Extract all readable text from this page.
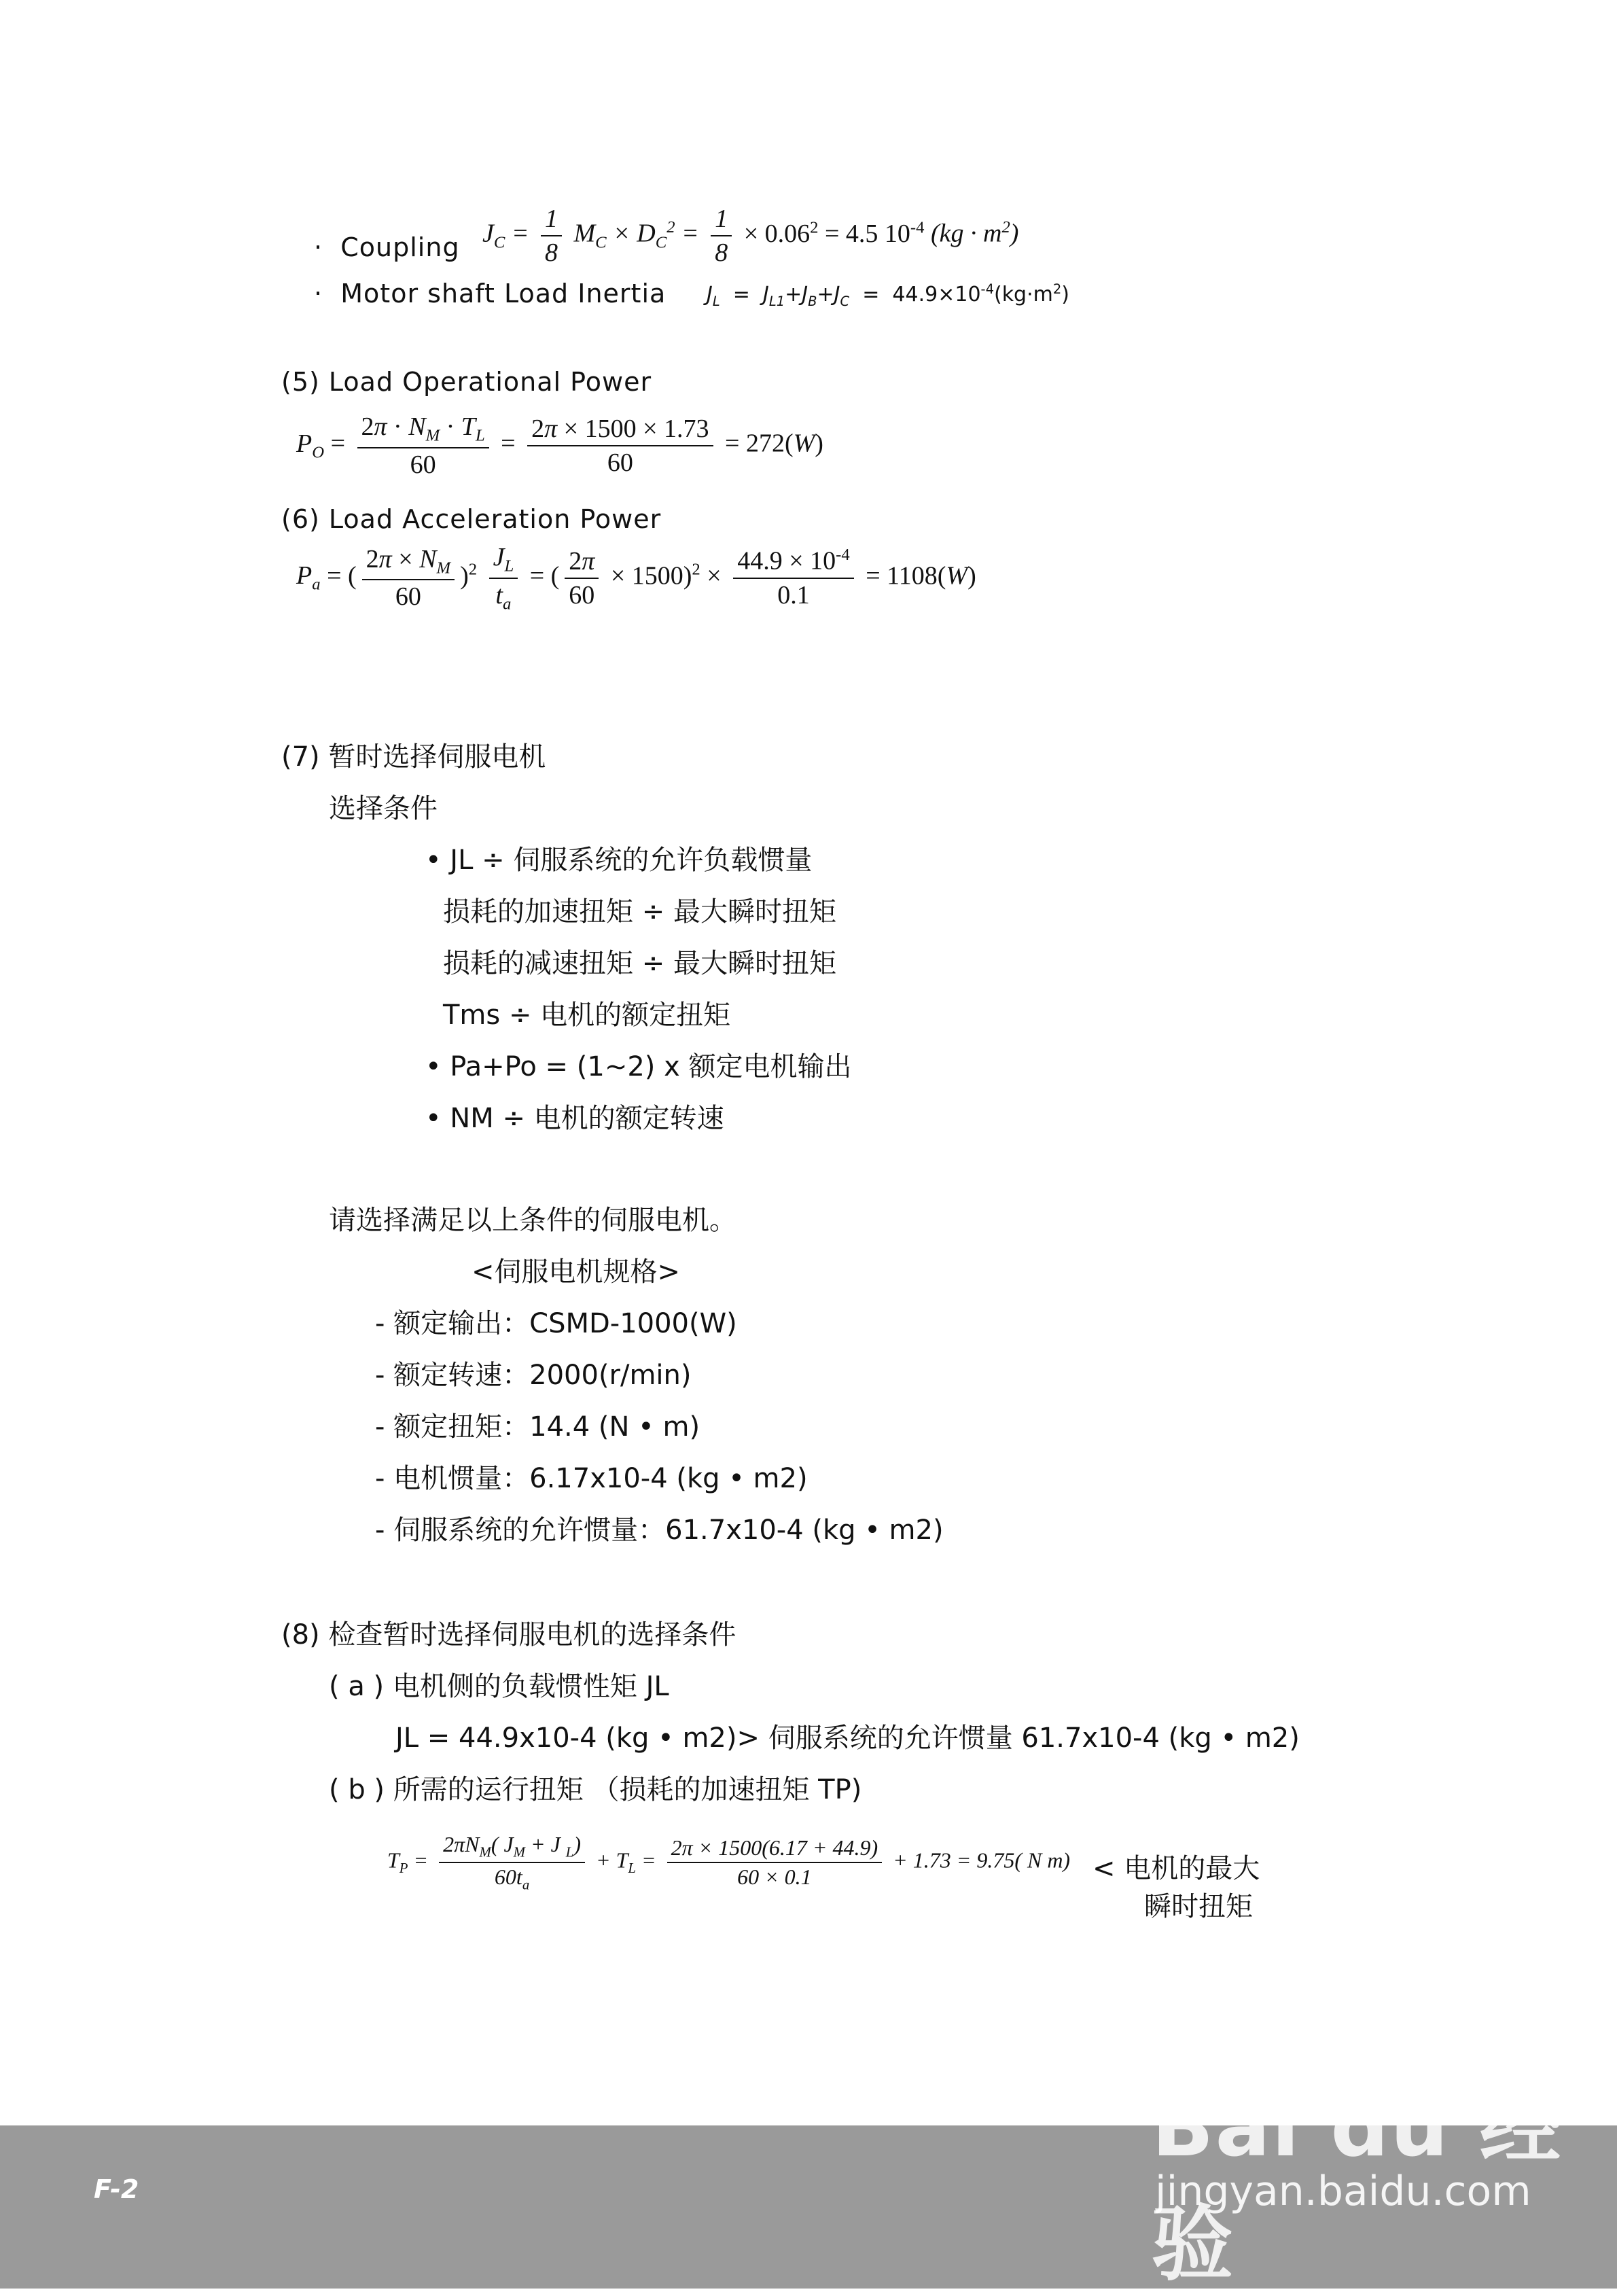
· Coupling $J_C = \frac{1}{8} M_C \times D_C^2 = \frac{1}{8} \times 0.06^2 = 4.5$ $10^{-4}$ $(kg \cdot m^2)$
· Motor shaft Load Inertia $J_L = J_{L1}+J_B+J_C = 44.9\times 10^{-4}(kg\cdot m^2)$
(5) Load Operational Power
$P_O = \frac{2\pi \cdot N_M \cdot T_L}{60} = \frac{2\pi \times 1500 \times 1.73}{60} = 272(W)$
(6) Load Acceleration Power
$P_a$ = ( $\frac{2\pi \times N_M}{60} )^2 \frac{J_L}{t_a}$ = ( $\frac{2\pi}{60} \times 1500)^2 \times \frac{44.9 \times 10^{-4}}{0.1} = 1108(W)$
(7) 暂时选择伺服电机
选择条件
• JL ÷ 伺服系统的允许负载惯量
损耗的加速扭矩 ÷ 最大瞬时扭矩
损耗的减速扭矩 ÷ 最大瞬时扭矩
Tms ÷ 电机的额定扭矩
• Pa+Po = (1~2) x 额定电机输出
• NM ÷ 电机的额定转速
请选择满足以上条件的伺服电机。
<伺服电机规格>
- 额定输出：CSMD-1000(W)
- 额定转速：2000(r/min)
- 额定扭矩：14.4 (N • m)
- 电机惯量：6.17x10-4 (kg • m2)
- 伺服系统的允许惯量：61.7x10-4 (kg • m2)
(8) 检查暂时选择伺服电机的选择条件
( a ) 电机侧的负载惯性矩 JL
JL = 44.9x10-4 (kg • m2)> 伺服系统的允许惯量 61.7x10-4 (kg • m2)
( b ) 所需的运行扭矩 （损耗的加速扭矩 TP)
$T_P = \frac{2\pi N_M( J_M + J _L)}{60t_a} + T_L = \frac{2\pi \times 1500(6.17 + 44.9)}{60 \times 0.1} + 1.73 = 9.75$( N m) < 电机的最大
瞬时扭矩
F-2
Bai du 经验
jingyan.baidu.com
